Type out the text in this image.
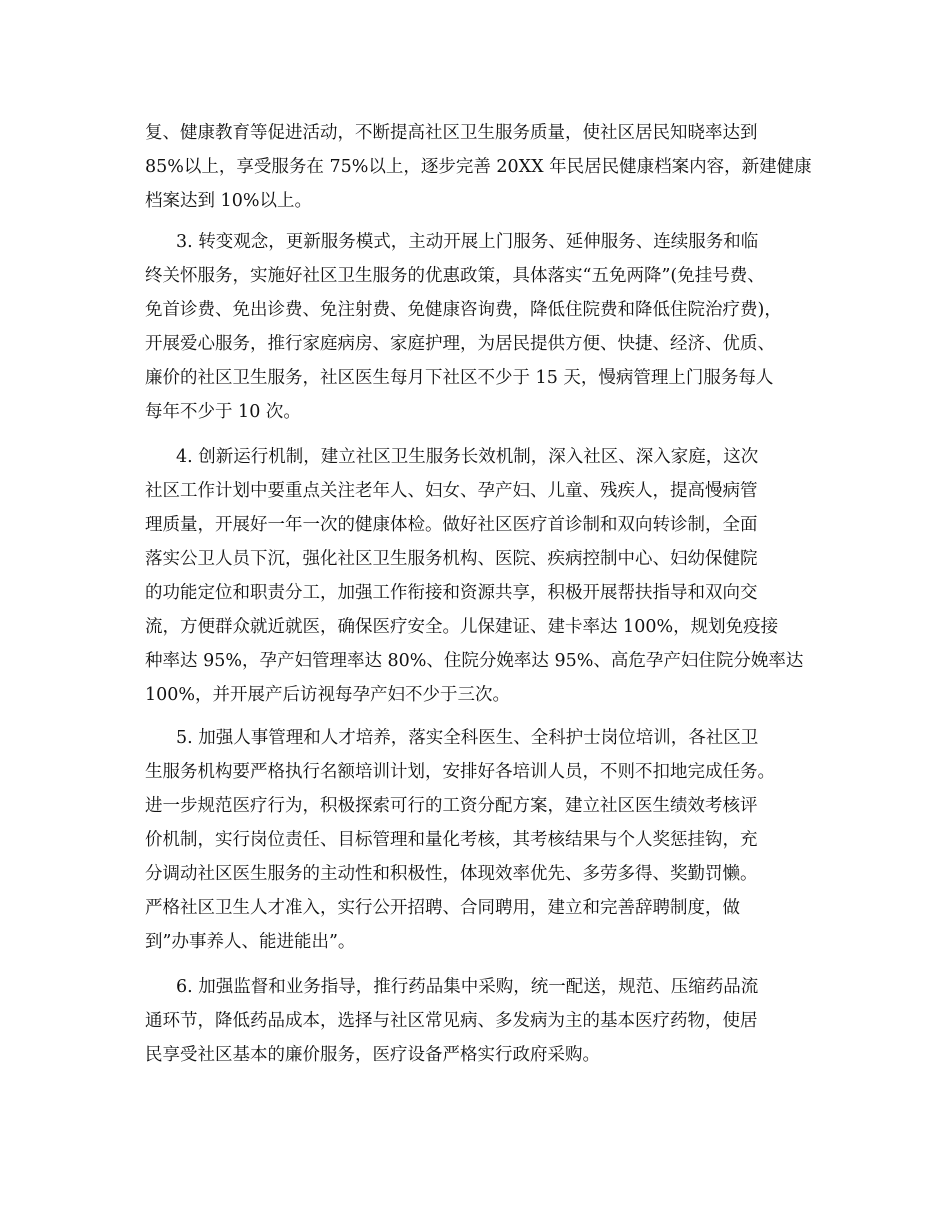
复、健康教育等促进活动，不断提高社区卫生服务质量，使社区居民知晓率达到
85%以上，享受服务在 75%以上，逐步完善 20XX 年民居民健康档案内容，新建健康
档案达到 10%以上。
3. 转变观念，更新服务模式，主动开展上门服务、延伸服务、连续服务和临
终关怀服务，实施好社区卫生服务的优惠政策，具体落实“五免两降”(免挂号费、
免首诊费、免出诊费、免注射费、免健康咨询费，降低住院费和降低住院治疗费)，
开展爱心服务，推行家庭病房、家庭护理，为居民提供方便、快捷、经济、优质、
廉价的社区卫生服务，社区医生每月下社区不少于 15 天，慢病管理上门服务每人
每年不少于 10 次。
4. 创新运行机制，建立社区卫生服务长效机制，深入社区、深入家庭，这次
社区工作计划中要重点关注老年人、妇女、孕产妇、儿童、残疾人，提高慢病管
理质量，开展好一年一次的健康体检。做好社区医疗首诊制和双向转诊制，全面
落实公卫人员下沉，强化社区卫生服务机构、医院、疾病控制中心、妇幼保健院
的功能定位和职责分工，加强工作衔接和资源共享，积极开展帮扶指导和双向交
流，方便群众就近就医，确保医疗安全。儿保建证、建卡率达 100%，规划免疫接
种率达 95%，孕产妇管理率达 80%、住院分娩率达 95%、高危孕产妇住院分娩率达
100%，并开展产后访视每孕产妇不少于三次。
5. 加强人事管理和人才培养，落实全科医生、全科护士岗位培训，各社区卫
生服务机构要严格执行名额培训计划，安排好各培训人员，不则不扣地完成任务。
进一步规范医疗行为，积极探索可行的工资分配方案，建立社区医生绩效考核评
价机制，实行岗位责任、目标管理和量化考核，其考核结果与个人奖惩挂钩，充
分调动社区医生服务的主动性和积极性，体现效率优先、多劳多得、奖勤罚懒。
严格社区卫生人才准入，实行公开招聘、合同聘用，建立和完善辞聘制度，做
到”办事养人、能进能出”。
6. 加强监督和业务指导，推行药品集中采购，统一配送，规范、压缩药品流
通环节，降低药品成本，选择与社区常见病、多发病为主的基本医疗药物，使居
民享受社区基本的廉价服务，医疗设备严格实行政府采购。
